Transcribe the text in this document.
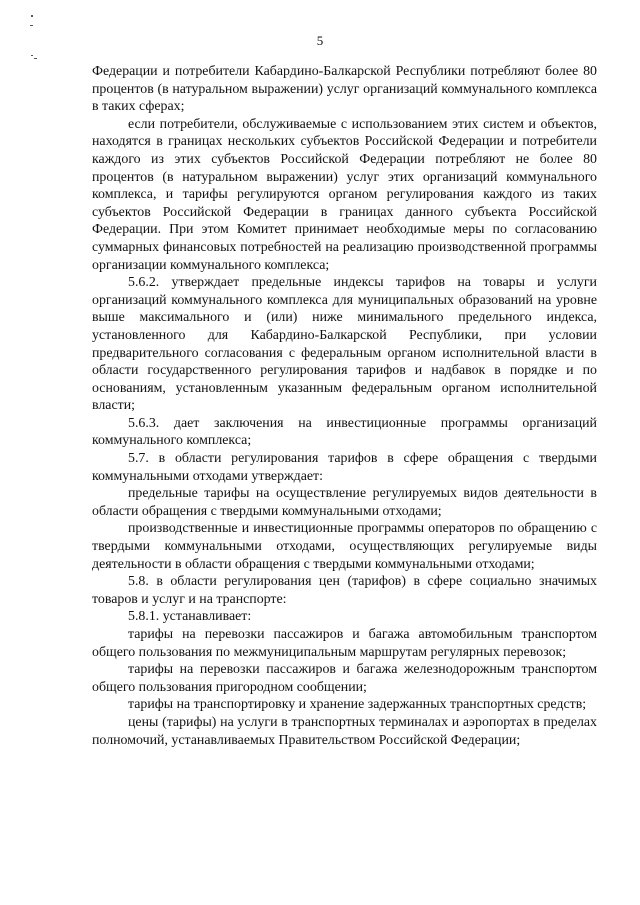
5

Федерации и потребители Кабардино-Балкарской Республики потребляют более 80 процентов (в натуральном выражении) услуг организаций коммунального комплекса в таких сферах;

если потребители, обслуживаемые с использованием этих систем и объектов, находятся в границах нескольких субъектов Российской Федерации и потребители каждого из этих субъектов Российской Федерации потребляют не более 80 процентов (в натуральном выражении) услуг этих организаций коммунального комплекса, и тарифы регулируются органом регулирования каждого из таких субъектов Российской Федерации в границах данного субъекта Российской Федерации. При этом Комитет принимает необходимые меры по согласованию суммарных финансовых потребностей на реализацию производственной программы организации коммунального комплекса;

5.6.2. утверждает предельные индексы тарифов на товары и услуги организаций коммунального комплекса для муниципальных образований на уровне выше максимального и (или) ниже минимального предельного индекса, установленного для Кабардино-Балкарской Республики, при условии предварительного согласования с федеральным органом исполнительной власти в области государственного регулирования тарифов и надбавок в порядке и по основаниям, установленным указанным федеральным органом исполнительной власти;

5.6.3. дает заключения на инвестиционные программы организаций коммунального комплекса;

5.7. в области регулирования тарифов в сфере обращения с твердыми коммунальными отходами утверждает:

предельные тарифы на осуществление регулируемых видов деятельности в области обращения с твердыми коммунальными отходами;

производственные и инвестиционные программы операторов по обращению с твердыми коммунальными отходами, осуществляющих регулируемые виды деятельности в области обращения с твердыми коммунальными отходами;

5.8. в области регулирования цен (тарифов) в сфере социально значимых товаров и услуг и на транспорте:

5.8.1. устанавливает:

тарифы на перевозки пассажиров и багажа автомобильным транспортом общего пользования по межмуниципальным маршрутам регулярных перевозок;

тарифы на перевозки пассажиров и багажа железнодорожным транспортом общего пользования пригородном сообщении;

тарифы на транспортировку и хранение задержанных транспортных средств;

цены (тарифы) на услуги в транспортных терминалах и аэропортах в пределах полномочий, устанавливаемых Правительством Российской Федерации;
